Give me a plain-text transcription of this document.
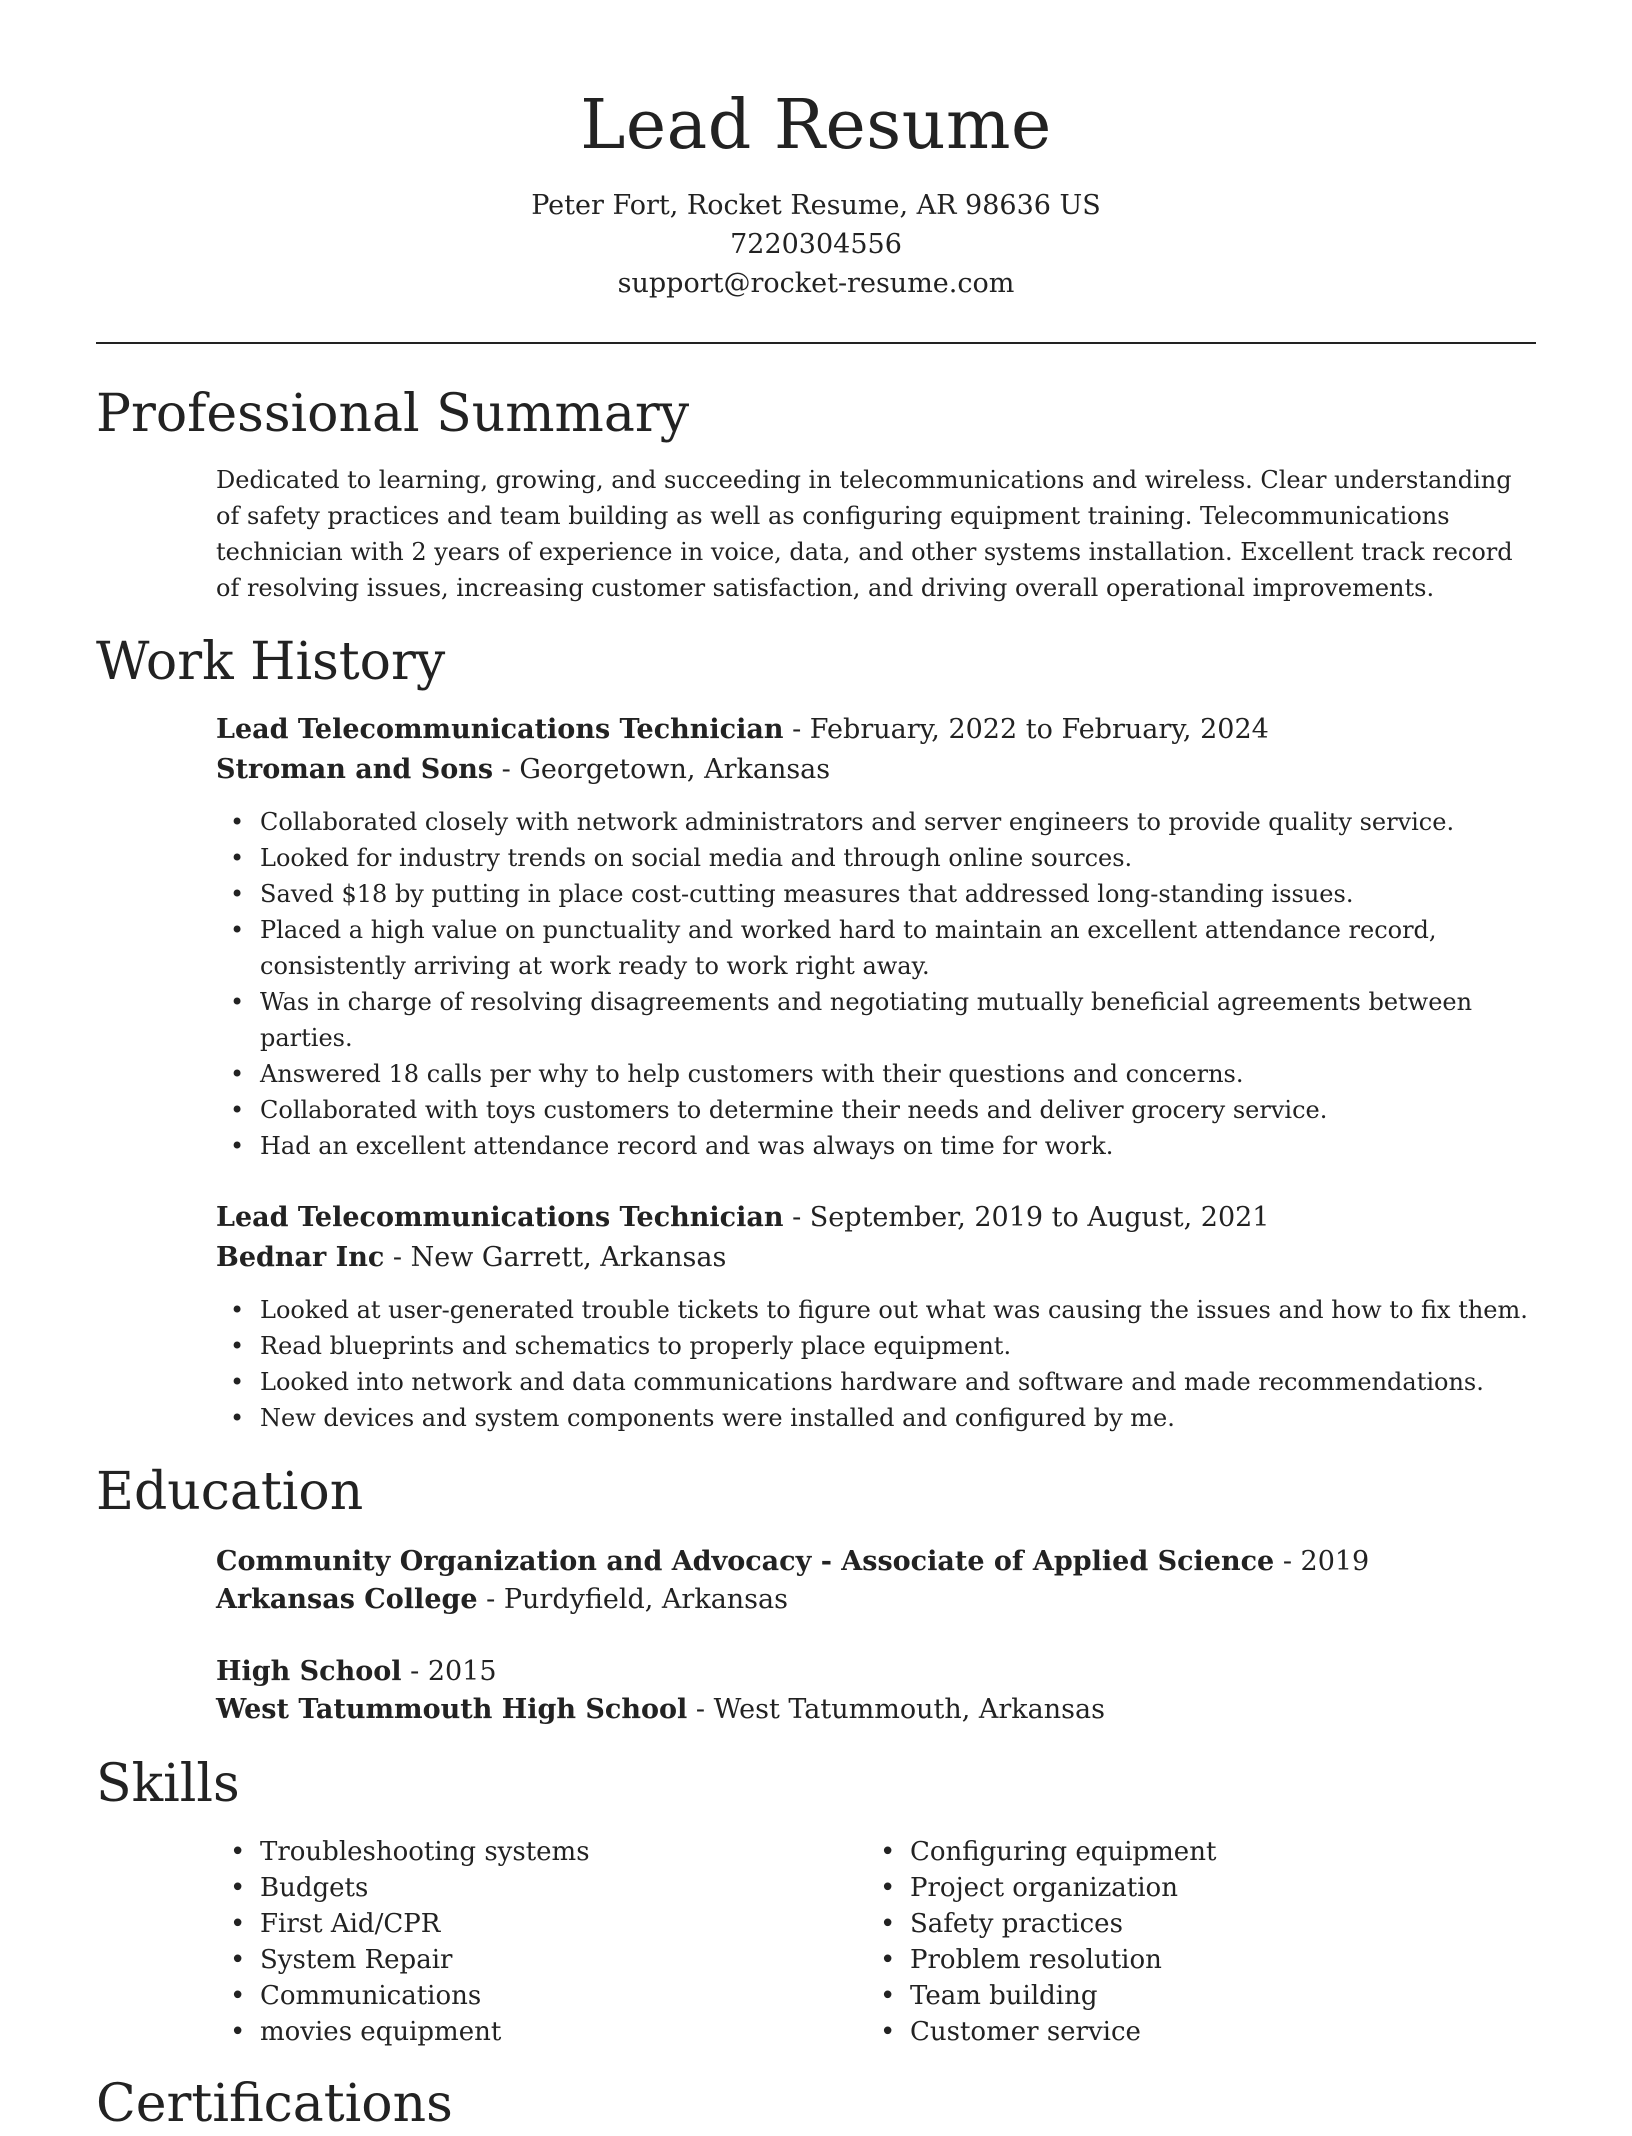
Lead Resume
Peter Fort, Rocket Resume, AR 98636 US
7220304556
support@rocket-resume.com
Professional Summary
Dedicated to learning, growing, and succeeding in telecommunications and wireless. Clear understanding of safety practices and team building as well as configuring equipment training. Telecommunications technician with 2 years of experience in voice, data, and other systems installation. Excellent track record of resolving issues, increasing customer satisfaction, and driving overall operational improvements.
Work History
Lead Telecommunications Technician - February, 2022 to February, 2024
Stroman and Sons - Georgetown, Arkansas
• Collaborated closely with network administrators and server engineers to provide quality service.
• Looked for industry trends on social media and through online sources.
• Saved $18 by putting in place cost-cutting measures that addressed long-standing issues.
• Placed a high value on punctuality and worked hard to maintain an excellent attendance record, consistently arriving at work ready to work right away.
• Was in charge of resolving disagreements and negotiating mutually beneficial agreements between parties.
• Answered 18 calls per why to help customers with their questions and concerns.
• Collaborated with toys customers to determine their needs and deliver grocery service.
• Had an excellent attendance record and was always on time for work.
Lead Telecommunications Technician - September, 2019 to August, 2021
Bednar Inc - New Garrett, Arkansas
• Looked at user-generated trouble tickets to figure out what was causing the issues and how to fix them.
• Read blueprints and schematics to properly place equipment.
• Looked into network and data communications hardware and software and made recommendations.
• New devices and system components were installed and configured by me.
Education
Community Organization and Advocacy - Associate of Applied Science - 2019
Arkansas College - Purdyfield, Arkansas
High School - 2015
West Tatummouth High School - West Tatummouth, Arkansas
Skills
• Troubleshooting systems
• Budgets
• First Aid/CPR
• System Repair
• Communications
• movies equipment
• Configuring equipment
• Project organization
• Safety practices
• Problem resolution
• Team building
• Customer service
Certifications
